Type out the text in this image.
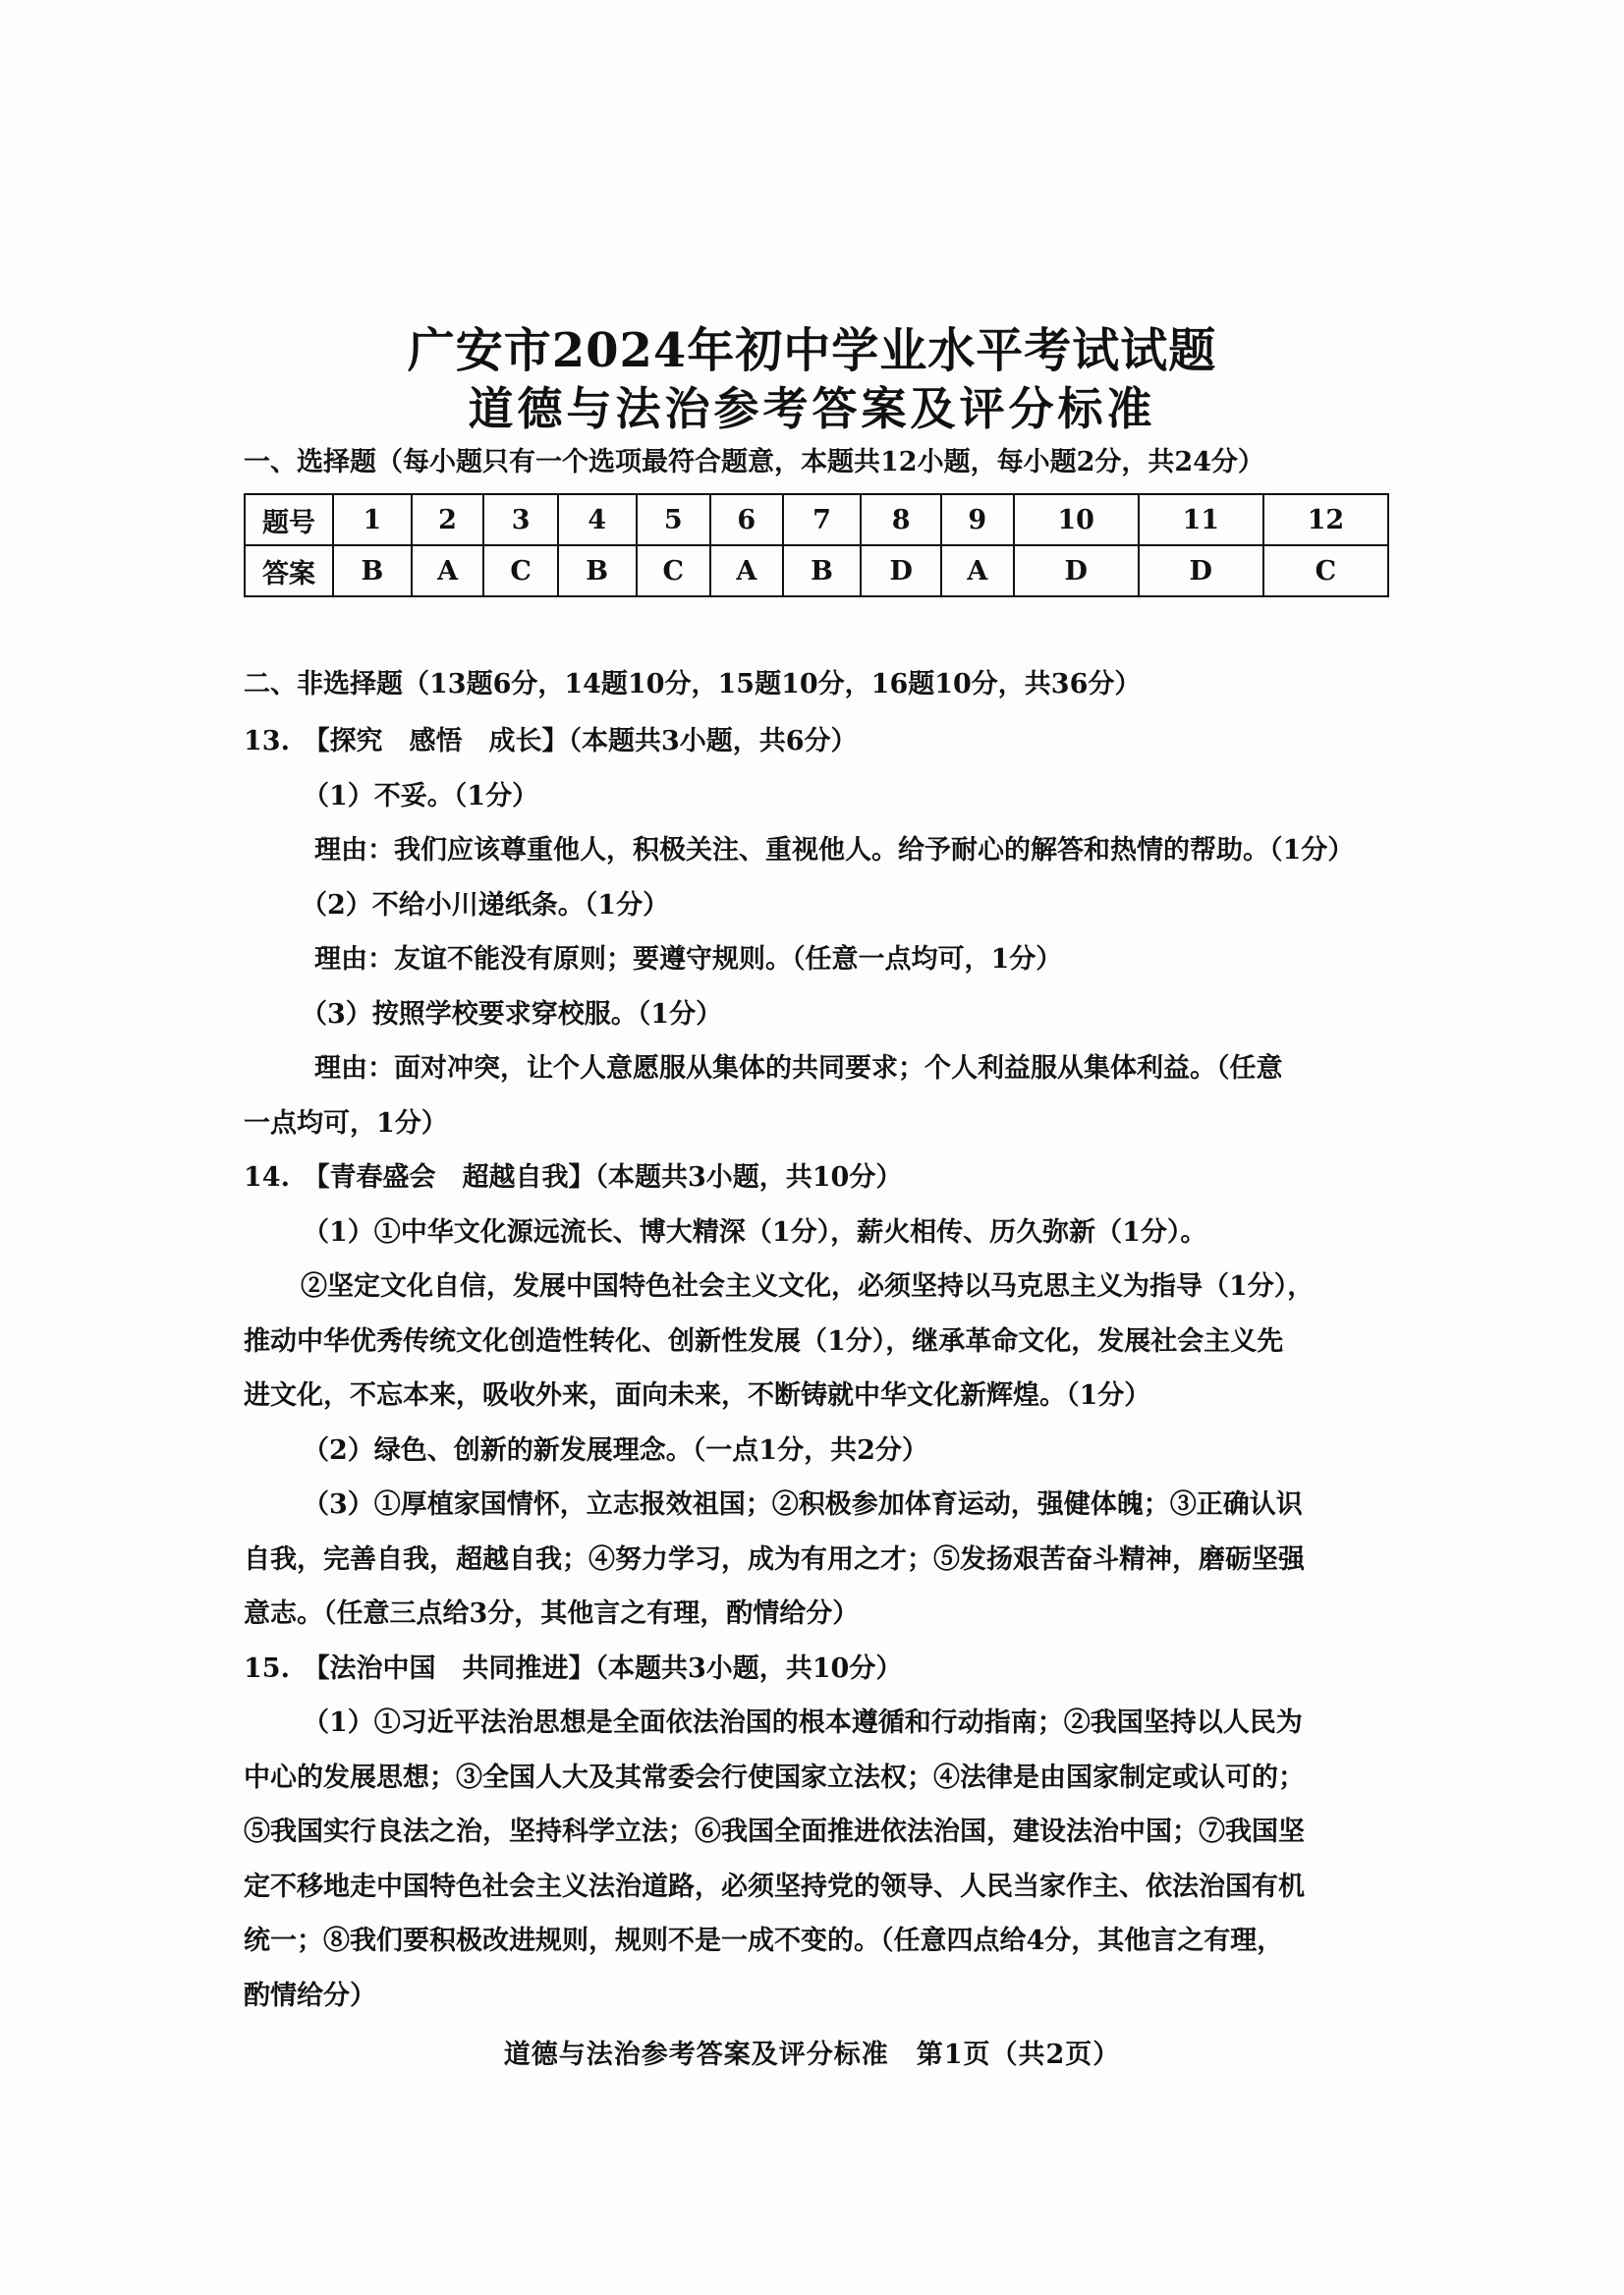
广安市2024年初中学业水平考试试题
道德与法治参考答案及评分标准
一、选择题（每小题只有一个选项最符合题意，本题共12小题，每小题2分，共24分）
题号	1	2	3	4	5	6	7	8	9	10	11	12
答案	B	A	C	B	C	A	B	D	A	D	D	C
二、非选择题（13题6分，14题10分，15题10分，16题10分，共36分）

13.　【探究　感悟　成长】（本题共3小题，共6分）

（1）不妥。（1分）

理由：我们应该尊重他人，积极关注、重视他人。给予耐心的解答和热情的帮助。（1分）

（2）不给小川递纸条。（1分）

理由：友谊不能没有原则；要遵守规则。（任意一点均可，1分）

（3）按照学校要求穿校服。（1分）

理由：面对冲突，让个人意愿服从集体的共同要求；个人利益服从集体利益。（任意

一点均可，1分）

14.　【青春盛会　超越自我】（本题共3小题，共10分）

（1）①中华文化源远流长、博大精深（1分），薪火相传、历久弥新（1分）。

②坚定文化自信，发展中国特色社会主义文化，必须坚持以马克思主义为指导（1分），

推动中华优秀传统文化创造性转化、创新性发展（1分），继承革命文化，发展社会主义先

进文化，不忘本来，吸收外来，面向未来，不断铸就中华文化新辉煌。（1分）

（2）绿色、创新的新发展理念。（一点1分，共2分）

（3）①厚植家国情怀，立志报效祖国；②积极参加体育运动，强健体魄；③正确认识

自我，完善自我，超越自我；④努力学习，成为有用之才；⑤发扬艰苦奋斗精神，磨砺坚强

意志。（任意三点给3分，其他言之有理，酌情给分）

15.　【法治中国　共同推进】（本题共3小题，共10分）

（1）①习近平法治思想是全面依法治国的根本遵循和行动指南；②我国坚持以人民为

中心的发展思想；③全国人大及其常委会行使国家立法权；④法律是由国家制定或认可的；

⑤我国实行良法之治，坚持科学立法；⑥我国全面推进依法治国，建设法治中国；⑦我国坚

定不移地走中国特色社会主义法治道路，必须坚持党的领导、人民当家作主、依法治国有机

统一；⑧我们要积极改进规则，规则不是一成不变的。（任意四点给4分，其他言之有理，

酌情给分）

道德与法治参考答案及评分标准　第1页（共2页）
